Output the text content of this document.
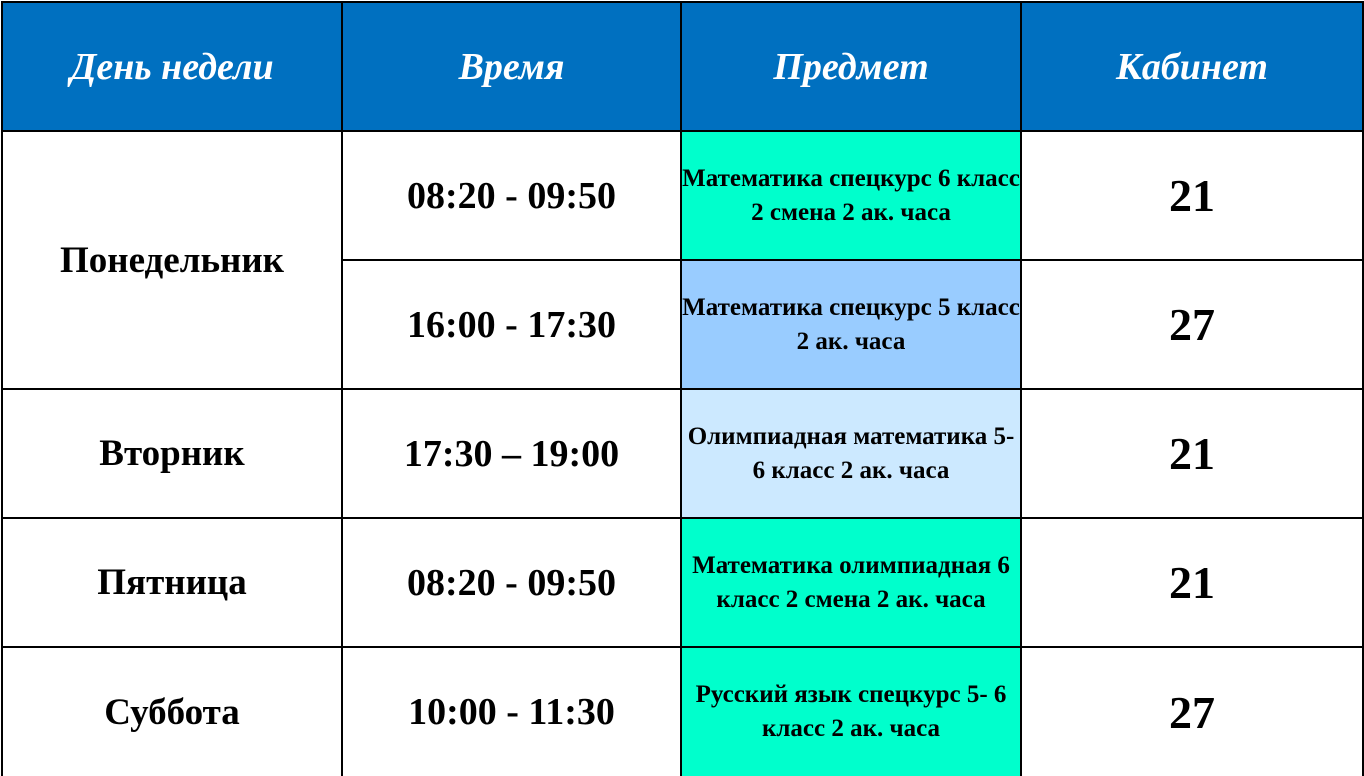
День недели	Время	Предмет	Кабинет
Понедельник	08:20 - 09:50	Математика спецкурс 6 класс 2 смена 2 ак. часа	21
	16:00 - 17:30	Математика спецкурс 5 класс 2 ак. часа	27
Вторник	17:30 – 19:00	Олимпиадная математика 5- 6 класс 2 ак. часа	21
Пятница	08:20 - 09:50	Математика олимпиадная 6 класс 2 смена 2 ак. часа	21
Суббота	10:00 - 11:30	Русский язык спецкурс 5- 6 класс 2 ак. часа	27
